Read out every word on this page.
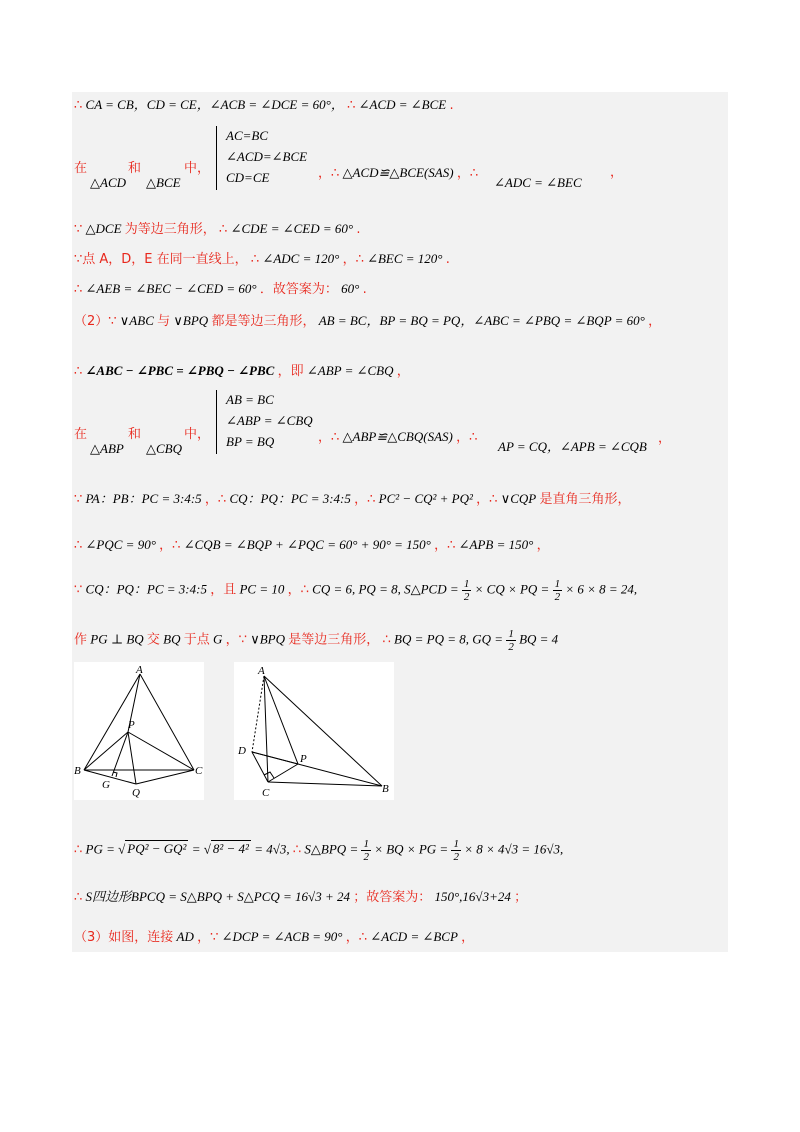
∴ CA = CB，CD = CE，∠ACB = ∠DCE = 60°， ∴ ∠ACD = ∠BCE .
在
△ACD
和
△BCE
中，
AC=BC
∠ACD=∠BCE
CD=CE	，∴ △ACD≌△BCE(SAS) ，∴
∠ADC = ∠BEC
，
∵ △DCE 为等边三角形， ∴ ∠CDE = ∠CED = 60° .
∵点 A，D，E 在同一直线上， ∴ ∠ADC = 120° ，∴ ∠BEC = 120° .
∴ ∠AEB = ∠BEC − ∠CED = 60° ．故答案为： 60° .
（2）∵ ∨ABC 与 ∨BPQ 都是等边三角形， AB = BC，BP = BQ = PQ，∠ABC = ∠PBQ = ∠BQP = 60° ，
∴ ∠ABC − ∠PBC = ∠PBQ − ∠PBC ，即 ∠ABP = ∠CBQ ，
在
△ABP
和
△CBQ
中，
AB = BC
∠ABP = ∠CBQ
BP = BQ	，∴ △ABP≌△CBQ(SAS) ，∴
AP = CQ，∠APB = ∠CQB
，
∵ PA：PB：PC = 3:4:5 ，∴ CQ：PQ：PC = 3:4:5 ，∴ PC² − CQ² + PQ² ，∴ ∨CQP 是直角三角形，
∴ ∠PQC = 90° ，∴ ∠CQB = ∠BQP + ∠PQC = 60° + 90° = 150° ，∴ ∠APB = 150° ，
∵ CQ：PQ：PC = 3:4:5 ，且 PC = 10 ，∴ CQ = 6, PQ = 8, S△PCD = $\frac{1}{2}$ × CQ × PQ = $\frac{1}{2} \times 6 \times 8 = 24$,
作 PG ⊥ BQ 交 BQ 于点 G ，∵ ∨BPQ 是等边三角形， ∴ BQ = PQ = 8, GQ = $\frac{1}{2}$ BQ = 4
A
B	C
P
G
Q
A
D
P
C	B
∴ PG = √ PQ² − GQ² = √ 8² − 4² = 4√3, ∴ S△BPQ = $\frac{1}{2}$ × BQ × PG = $\frac{1}{2} \times 8 \times 4√3 = 16√3$,
∴ S四边形BPCQ = S△BPQ + S△PCQ = 16√3 + 24 ；故答案为： 150°,16√3+24 ；
（3）如图，连接 AD ，∵ ∠DCP = ∠ACB = 90° ，∴ ∠ACD = ∠BCP ，
